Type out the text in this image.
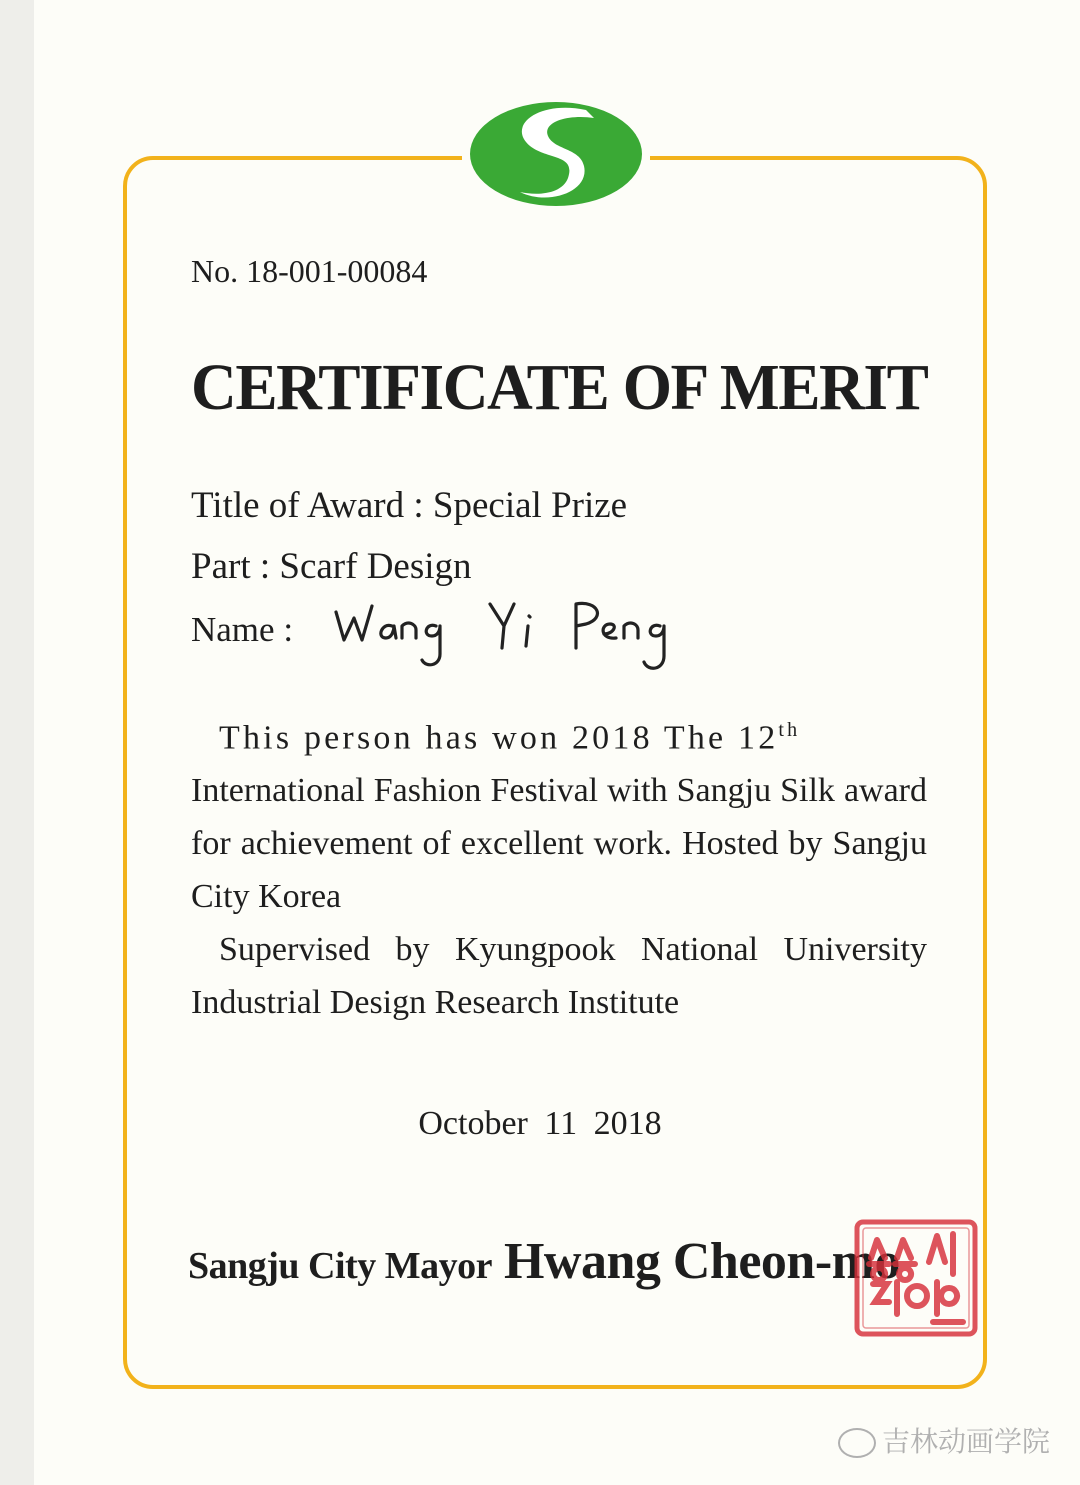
No. 18-001-00084
CERTIFICATE OF MERIT
Title of Award : Special Prize
Part : Scarf Design
Name :

This person has won 2018 The 12th

International Fashion Festival with Sangju Silk award for achievement of excellent work. Hosted by Sangju City Korea

Supervised by Kyungpook National University Industrial Design Research Institute

October 11 2018
Sangju City Mayor Hwang Cheon-mo
吉林动画学院
